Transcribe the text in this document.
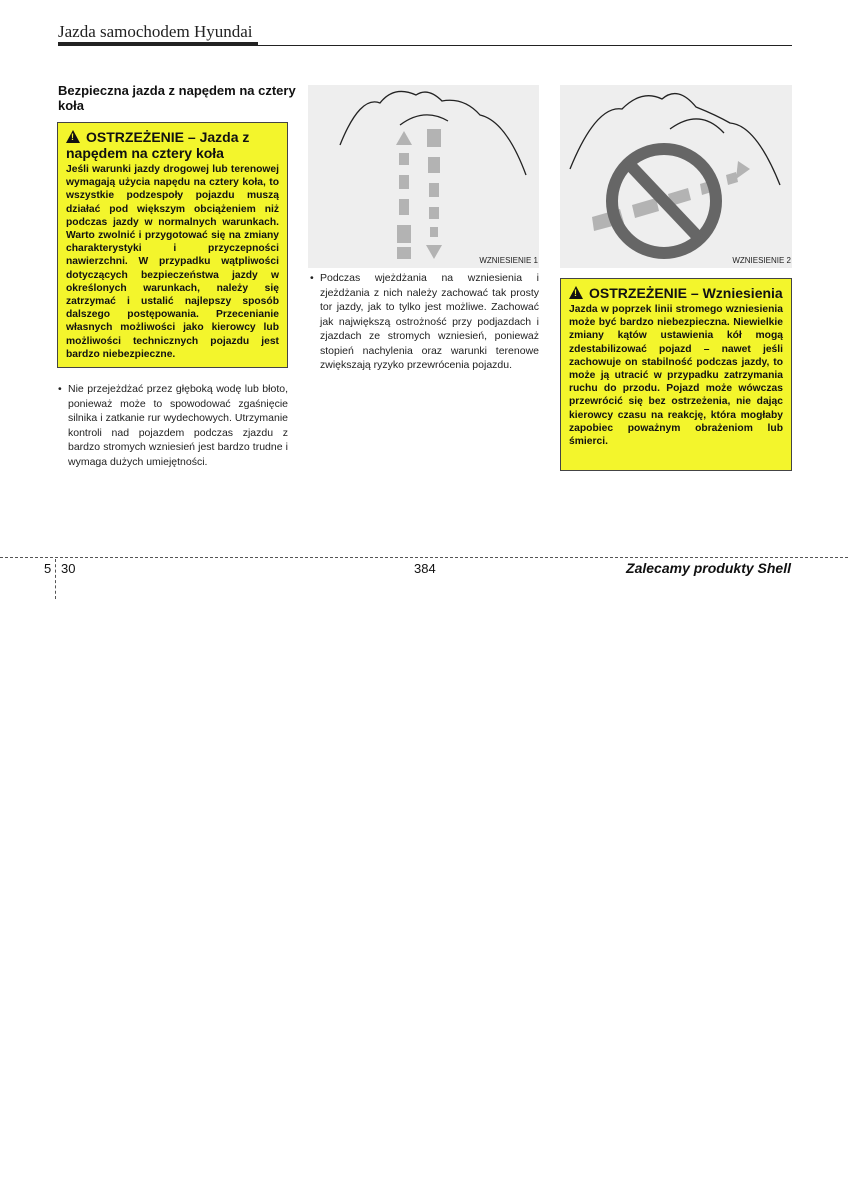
Jazda samochodem Hyundai
Bezpieczna jazda z napędem na cztery koła
!OSTRZEŻENIE – Jazda z napędem na cztery koła
Jeśli warunki jazdy drogowej lub terenowej wymagają użycia napędu na cztery koła, to wszystkie podzespoły pojazdu muszą działać pod większym obciążeniem niż podczas jazdy w normalnych warunkach. Warto zwolnić i przygotować się na zmiany charakterystyki i przyczepności nawierzchni. W przypadku wątpliwości dotyczących bezpieczeństwa jazdy w określonych warunkach, należy się zatrzymać i ustalić najlepszy sposób dalszego postępowania. Przecenianie własnych możliwości jako kierowcy lub możliwości technicznych pojazdu jest bardzo niebezpieczne.
• Nie przejeżdżać przez głęboką wodę lub błoto, ponieważ może to spowodować zgaśnięcie silnika i zatkanie rur wydechowych. Utrzymanie kontroli nad pojazdem podczas zjazdu z bardzo stromych wzniesień jest bardzo trudne i wymaga dużych umiejętności.
WZNIESIENIE 1	WZNIESIENIE 2
• Podczas wjeżdżania na wzniesienia i zjeżdżania z nich należy zachować tak prosty tor jazdy, jak to tylko jest możliwe. Zachować jak największą ostrożność przy podjazdach i zjazdach ze stromych wzniesień, ponieważ stopień nachylenia oraz warunki terenowe zwiększają ryzyko przewrócenia pojazdu.
!OSTRZEŻENIE – Wzniesienia
Jazda w poprzek linii stromego wzniesienia może być bardzo niebezpieczna. Niewielkie zmiany kątów ustawienia kół mogą zdestabilizować pojazd – nawet jeśli zachowuje on stabilność podczas jazdy, to może ją utracić w przypadku zatrzymania ruchu do przodu. Pojazd może wówczas przewrócić się bez ostrzeżenia, nie dając kierowcy czasu na reakcję, która mogłaby zapobiec poważnym obrażeniom lub śmierci.
5 30	384	Zalecamy produkty Shell
